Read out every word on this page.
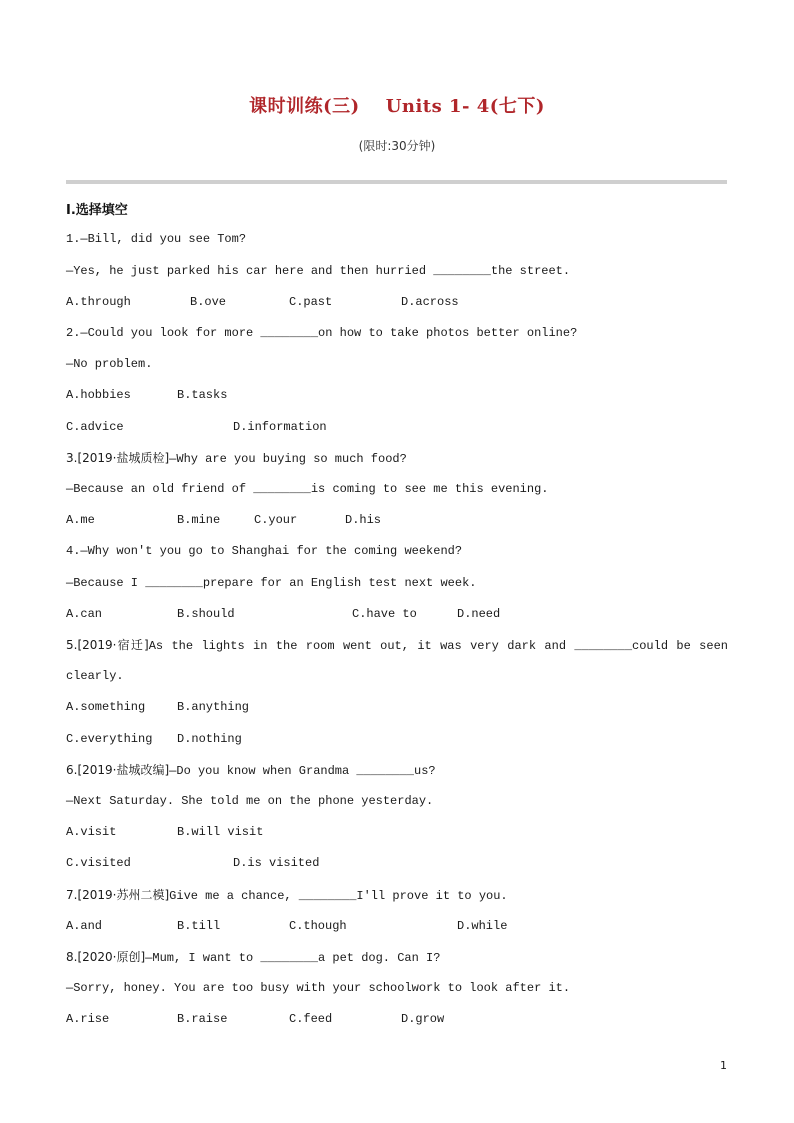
课时训练(三) Units 1- 4(七下)
(限时:30分钟)
Ⅰ.选择填空
1.—Bill, did you see Tom?
—Yes, he just parked his car here and then hurried ________the street.
A.through	B.ove	C.past	D.across
2.—Could you look for more ________on how to take photos better online?
—No problem.
A.hobbies	B.tasks
C.advice	D.information
3.[2019·盐城质检]—Why are you buying so much food?
—Because an old friend of ________is coming to see me this evening.
A.me	B.mine	C.your	D.his
4.—Why won't you go to Shanghai for the coming weekend?
—Because I ________prepare for an English test next week.
A.can	B.should	C.have to	D.need
5.[2019·宿迁]As the lights in the room went out, it was very dark and ________could be seen
clearly.
A.something	B.anything
C.everything D.nothing
6.[2019·盐城改编]—Do you know when Grandma ________us?
—Next Saturday. She told me on the phone yesterday.
A.visit	B.will visit
C.visited	D.is visited
7.[2019·苏州二模]Give me a chance, ________I'll prove it to you.
A.and	B.till	C.though	D.while
8.[2020·原创]—Mum, I want to ________a pet dog. Can I?
—Sorry, honey. You are too busy with your schoolwork to look after it.
A.rise	B.raise	C.feed	D.grow
1
